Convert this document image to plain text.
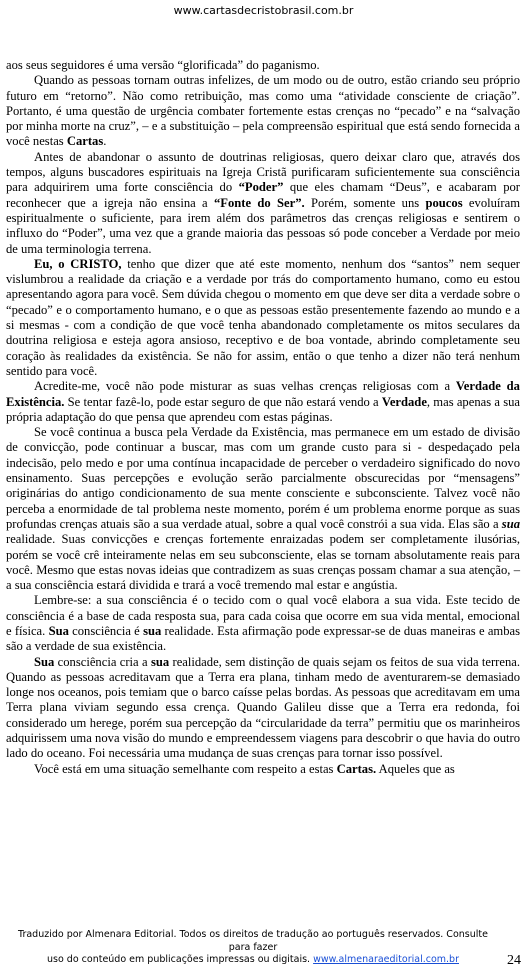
www.cartasdecristobrasil.com.br

aos seus seguidores é uma versão “glorificada” do paganismo.

Quando as pessoas tornam outras infelizes, de um modo ou de outro, estão criando seu próprio futuro em “retorno”. Não como retribuição, mas como uma “atividade consciente de criação”. Portanto, é uma questão de urgência combater fortemente estas crenças no “pecado” e na “salvação por minha morte na cruz”, – e a substituição – pela compreensão espiritual que está sendo fornecida a você nestas Cartas.

Antes de abandonar o assunto de doutrinas religiosas, quero deixar claro que, através dos tempos, alguns buscadores espirituais na Igreja Cristã purificaram suficientemente sua consciência para adquirirem uma forte consciência do “Poder” que eles chamam “Deus”, e acabaram por reconhecer que a igreja não ensina a “Fonte do Ser”. Porém, somente uns poucos evoluíram espiritualmente o suficiente, para irem além dos parâmetros das crenças religiosas e sentirem o influxo do “Poder”, uma vez que a grande maioria das pessoas só pode conceber a Verdade por meio de uma terminologia terrena.

Eu, o CRISTO, tenho que dizer que até este momento, nenhum dos “santos” nem sequer vislumbrou a realidade da criação e a verdade por trás do comportamento humano, como eu estou apresentando agora para você. Sem dúvida chegou o momento em que deve ser dita a verdade sobre o “pecado” e o comportamento humano, e o que as pessoas estão presentemente fazendo ao mundo e a si mesmas - com a condição de que você tenha abandonado completamente os mitos seculares da doutrina religiosa e esteja agora ansioso, receptivo e de boa vontade, abrindo completamente seu coração às realidades da existência. Se não for assim, então o que tenho a dizer não terá nenhum sentido para você.

Acredite-me, você não pode misturar as suas velhas crenças religiosas com a Verdade da Existência. Se tentar fazê-lo, pode estar seguro de que não estará vendo a Verdade, mas apenas a sua própria adaptação do que pensa que aprendeu com estas páginas.

Se você continua a busca pela Verdade da Existência, mas permanece em um estado de divisão de convicção, pode continuar a buscar, mas com um grande custo para si - despedaçado pela indecisão, pelo medo e por uma contínua incapacidade de perceber o verdadeiro significado do novo ensinamento. Suas percepções e evolução serão parcialmente obscurecidas por “mensagens” originárias do antigo condicionamento de sua mente consciente e subconsciente. Talvez você não perceba a enormidade de tal problema neste momento, porém é um problema enorme porque as suas profundas crenças atuais são a sua verdade atual, sobre a qual você constrói a sua vida. Elas são a sua realidade. Suas convicções e crenças fortemente enraizadas podem ser completamente ilusórias, porém se você crê inteiramente nelas em seu subconsciente, elas se tornam absolutamente reais para você. Mesmo que estas novas ideias que contradizem as suas crenças possam chamar a sua atenção, – a sua consciência estará dividida e trará a você tremendo mal estar e angústia.

Lembre-se: a sua consciência é o tecido com o qual você elabora a sua vida. Este tecido de consciência é a base de cada resposta sua, para cada coisa que ocorre em sua vida mental, emocional e física. Sua consciência é sua realidade. Esta afirmação pode expressar-se de duas maneiras e ambas são a verdade de sua existência.

Sua consciência cria a sua realidade, sem distinção de quais sejam os feitos de sua vida terrena. Quando as pessoas acreditavam que a Terra era plana, tinham medo de aventurarem-se demasiado longe nos oceanos, pois temiam que o barco caísse pelas bordas. As pessoas que acreditavam em uma Terra plana viviam segundo essa crença. Quando Galileu disse que a Terra era redonda, foi considerado um herege, porém sua percepção da “circularidade da terra” permitiu que os marinheiros adquirissem uma nova visão do mundo e empreendessem viagens para descobrir o que havia do outro lado do oceano. Foi necessária uma mudança de suas crenças para tornar isso possível.

Você está em uma situação semelhante com respeito a estas Cartas. Aqueles que as

Traduzido por Almenara Editorial. Todos os direitos de tradução ao português reservados. Consulte para fazer
uso do conteúdo em publicações impressas ou digitais. www.almenaraeditorial.com.br	24
